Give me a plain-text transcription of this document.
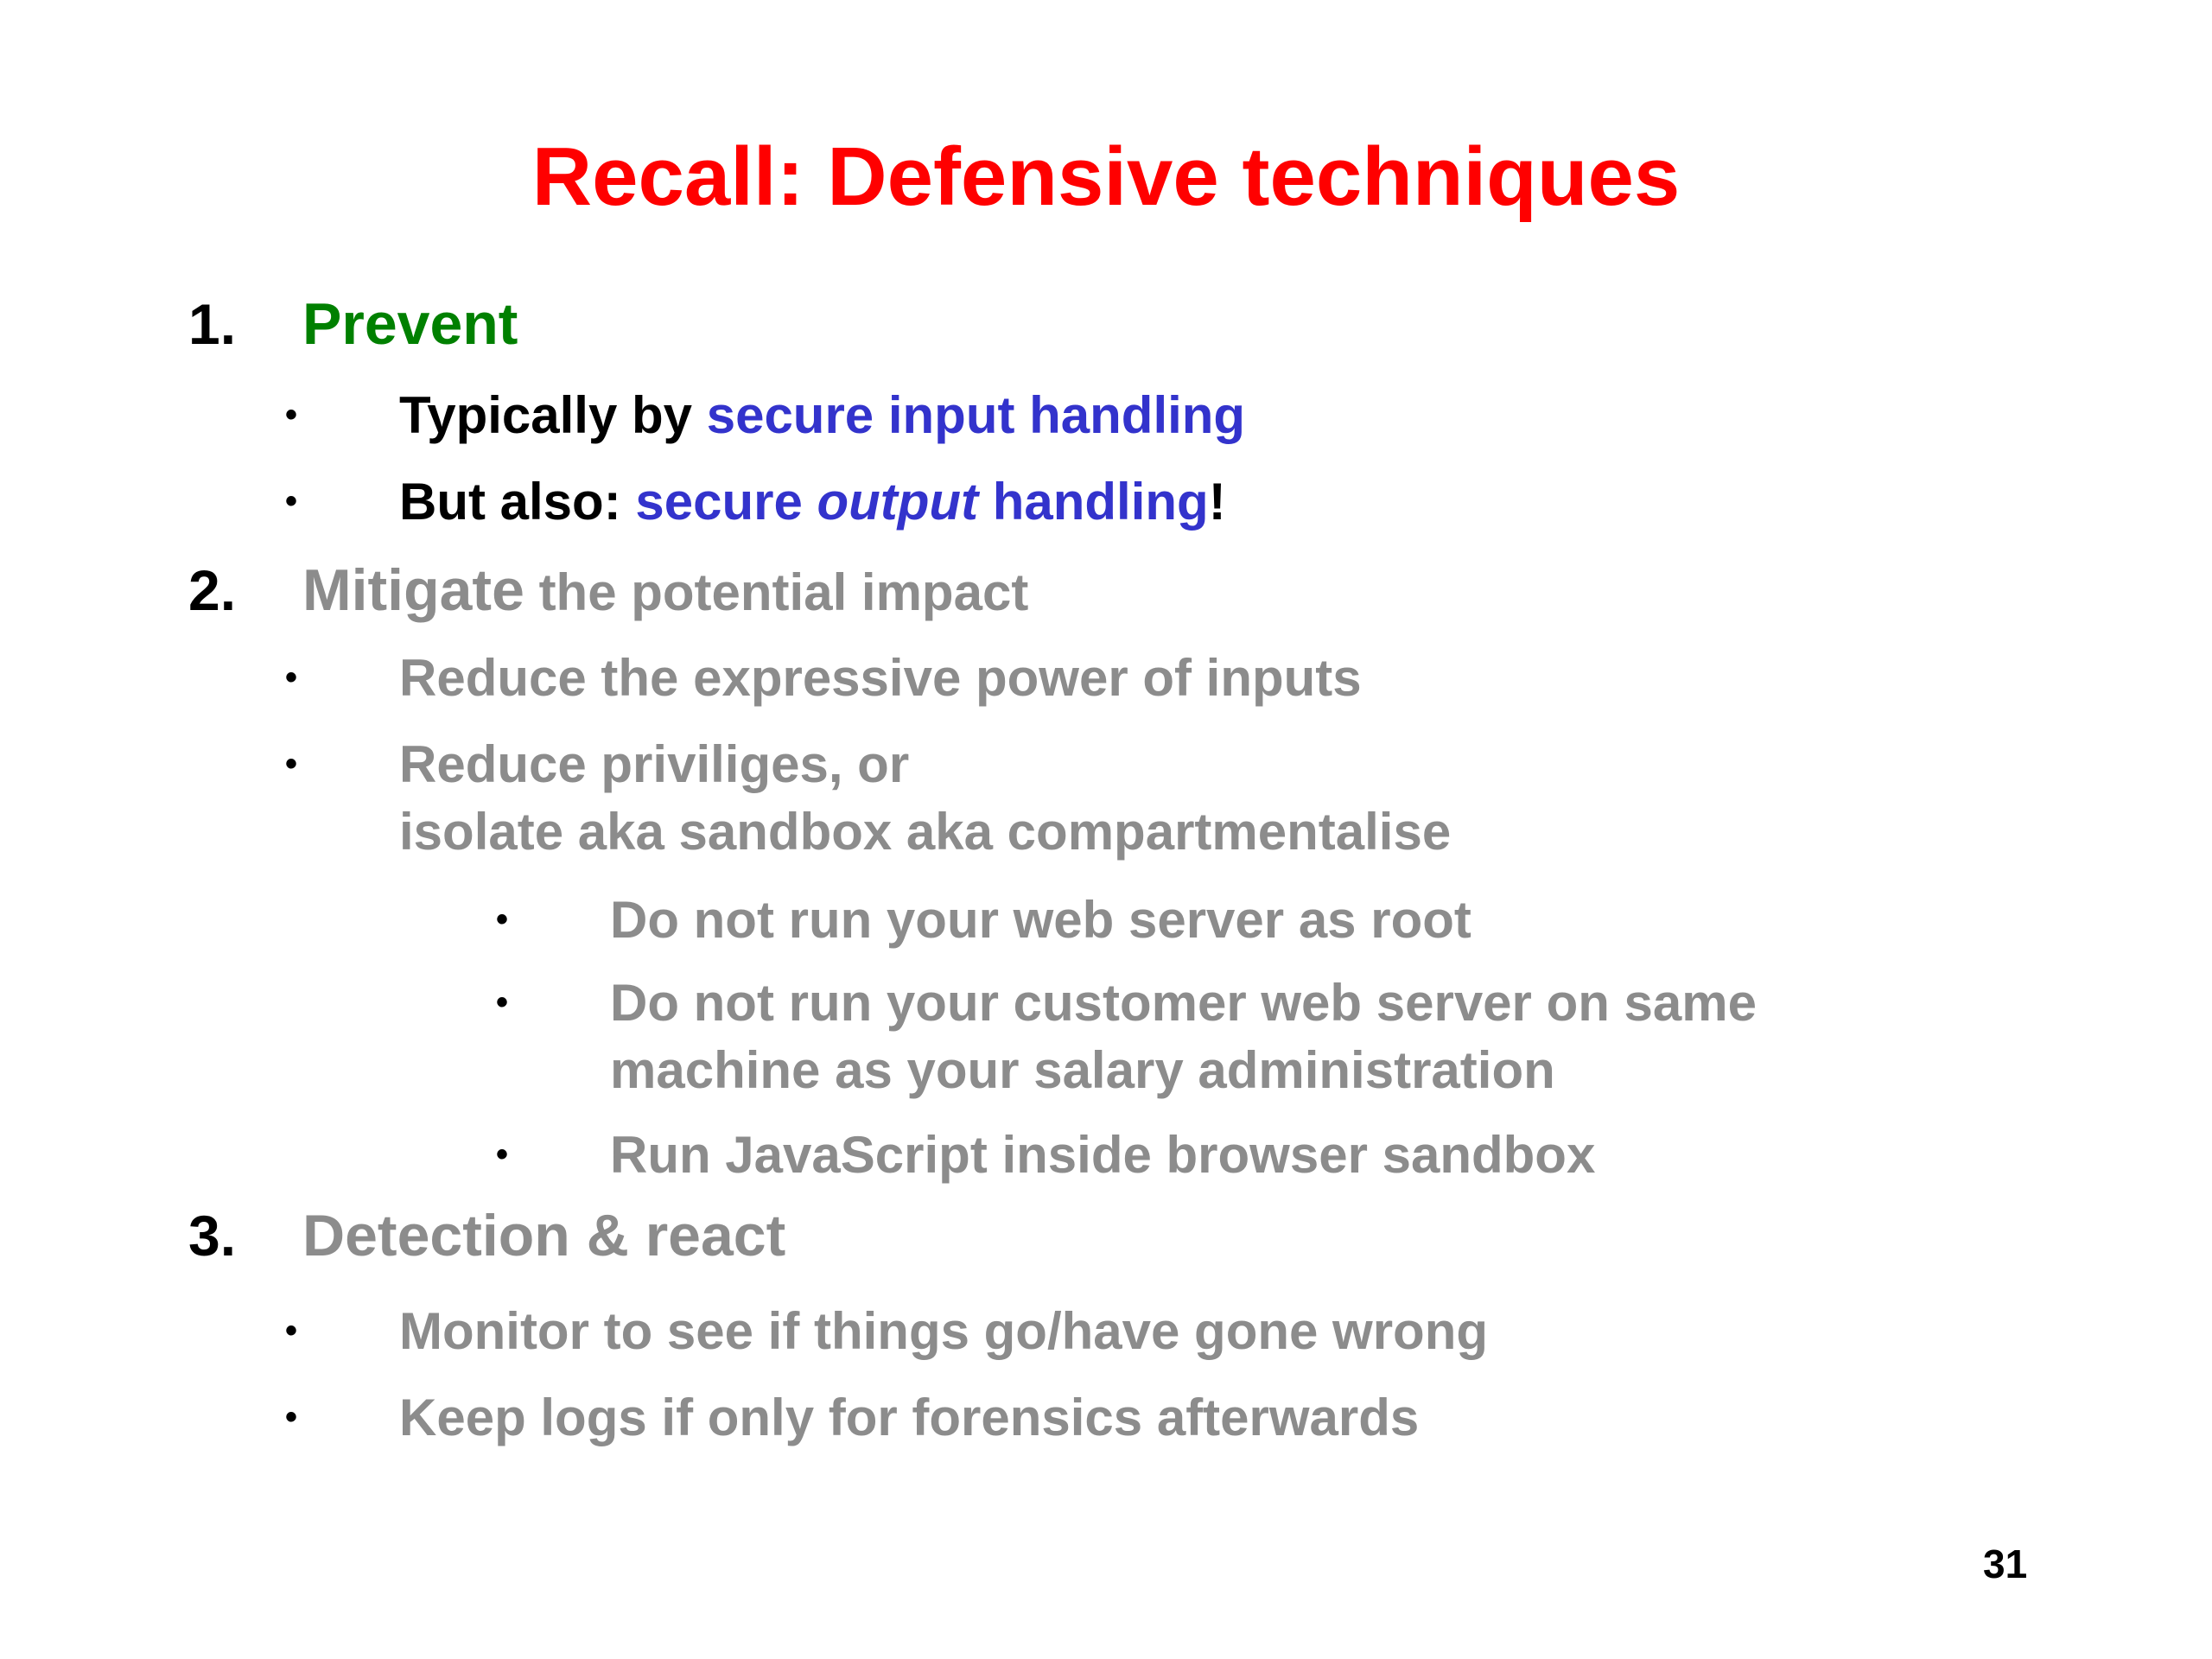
Recall: Defensive techniques
1. Prevent
• Typically by secure input handling
• But also: secure output handling!
2. Mitigate the potential impact
• Reduce the expressive power of inputs
• Reduce priviliges, or
isolate aka sandbox aka compartmentalise
• Do not run your web server as root
• Do not run your customer web server on same
machine as your salary administration
• Run JavaScript inside browser sandbox
3. Detection & react
• Monitor to see if things go/have gone wrong
• Keep logs if only for forensics afterwards
31
